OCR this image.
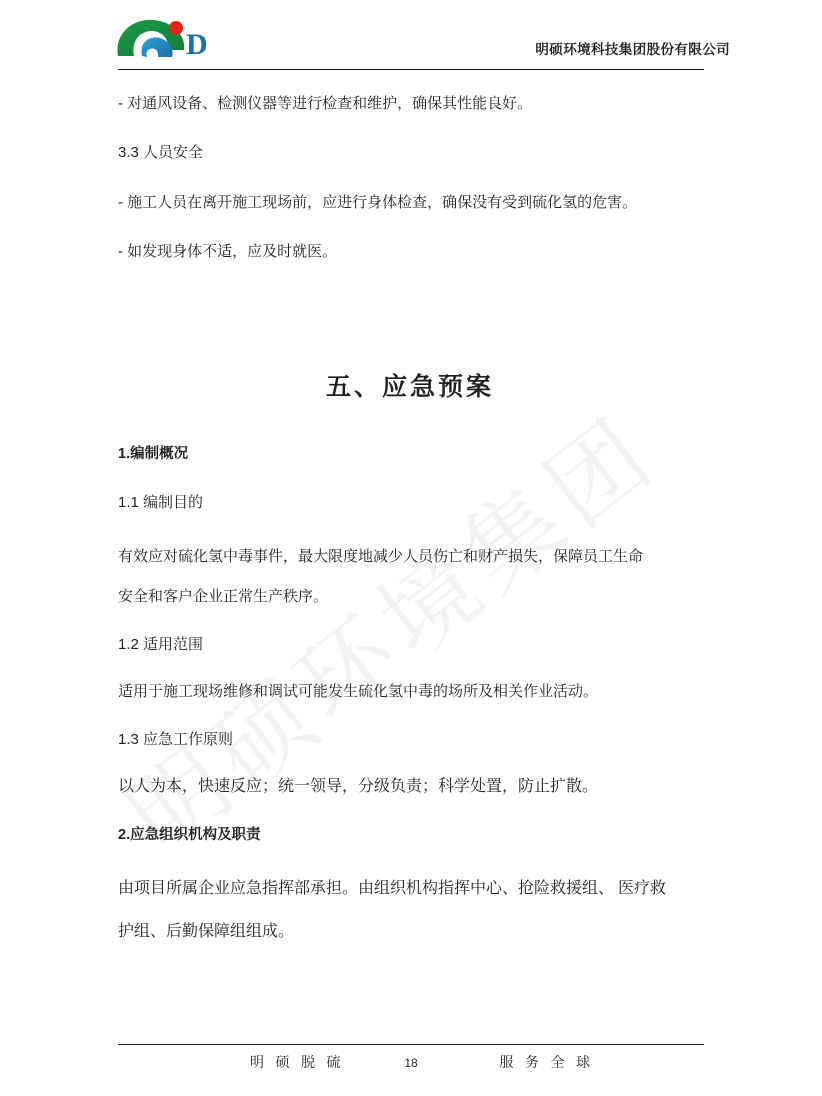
D	明硕环境科技集团股份有限公司

- 对通风设备、检测仪器等进行检查和维护，确保其性能良好。

3.3 人员安全

- 施工人员在离开施工现场前，应进行身体检查，确保没有受到硫化氢的危害。

- 如发现身体不适，应及时就医。

五、应急预案

1.编制概况

1.1 编制目的

有效应对硫化氢中毒事件，最大限度地减少人员伤亡和财产损失，保障员工生命

安全和客户企业正常生产秩序。

1.2 适用范围

适用于施工现场维修和调试可能发生硫化氢中毒的场所及相关作业活动。

1.3 应急工作原则

以人为本，快速反应；统一领导，分级负责；科学处置，防止扩散。

2.应急组织机构及职责

由项目所属企业应急指挥部承担。由组织机构指挥中心、抢险救援组、 医疗救

护组、后勤保障组组成。

明 硕 脱 硫	18	服 务 全 球
